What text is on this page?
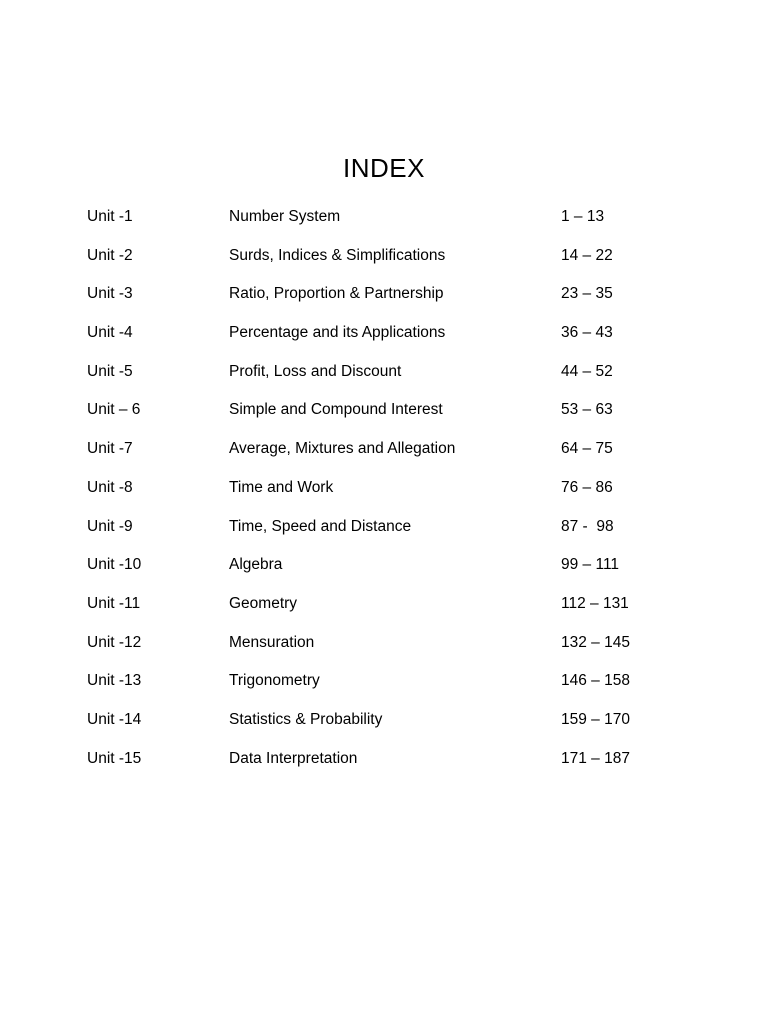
INDEX
Unit -1	Number System	1 – 13
Unit -2	Surds, Indices & Simplifications	14 – 22
Unit -3	Ratio, Proportion & Partnership	23 – 35
Unit -4	Percentage and its Applications	36 – 43
Unit -5	Profit, Loss and Discount	44 – 52
Unit – 6	Simple and Compound Interest	53 – 63
Unit -7	Average, Mixtures and Allegation	64 – 75
Unit -8	Time and Work	76 – 86
Unit -9	Time, Speed and Distance	87 -  98
Unit -10	Algebra	99 – 111
Unit -11	Geometry	112 – 131
Unit -12	Mensuration	132 – 145
Unit -13	Trigonometry	146 – 158
Unit -14	Statistics & Probability	159 – 170
Unit -15	Data Interpretation	171 – 187
